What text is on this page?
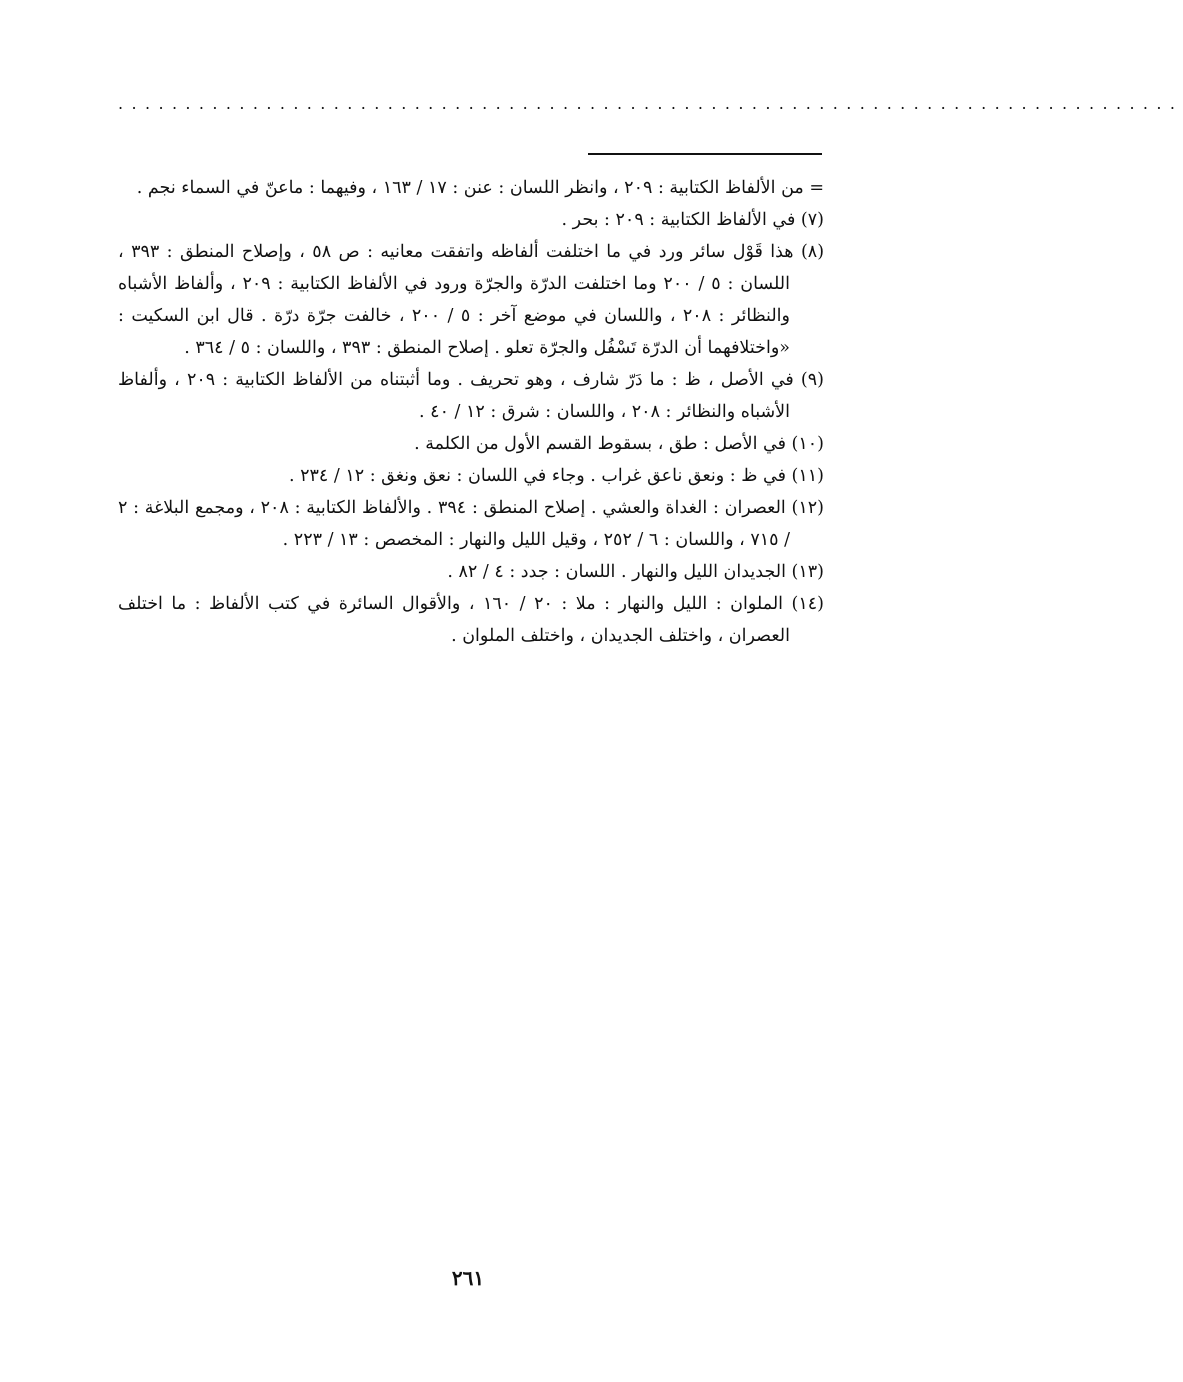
...............................................................................

= من الألفاظ الكتابية : ٢٠٩ ، وانظر اللسان : عنن : ١٧ / ١٦٣ ، وفيهما : ماعنّ في السماء نجم .

(٧) في الألفاظ الكتابية : ٢٠٩ : بحر .

(٨) هذا قَوْل سائر ورد في ما اختلفت ألفاظه واتفقت معانيه : ص ٥٨ ، وإصلاح المنطق : ٣٩٣ ، اللسان : ٥ / ٢٠٠ وما اختلفت الدرّة والجرّة ورود في الألفاظ الكتابية : ٢٠٩ ، وألفاظ الأشباه والنظائر : ٢٠٨ ، واللسان في موضع آخر : ٥ / ٢٠٠ ، خالفت جرّة درّة . قال ابن السكيت : «واختلافهما أن الدرّة تَسْفُل والجرّة تعلو . إصلاح المنطق : ٣٩٣ ، واللسان : ٥ / ٣٦٤ .

(٩) في الأصل ، ظ : ما دَرّ شارف ، وهو تحريف . وما أثبتناه من الألفاظ الكتابية : ٢٠٩ ، وألفاظ الأشباه والنظائر : ٢٠٨ ، واللسان : شرق : ١٢ / ٤٠ .

(١٠) في الأصل : طق ، بسقوط القسم الأول من الكلمة .

(١١) في ظ : ونعق ناعق غراب . وجاء في اللسان : نعق ونغق : ١٢ / ٢٣٤ .

(١٢) العصران : الغداة والعشي . إصلاح المنطق : ٣٩٤ . والألفاظ الكتابية : ٢٠٨ ، ومجمع البلاغة : ٢ / ٧١٥ ، واللسان : ٦ / ٢٥٢ ، وقيل الليل والنهار : المخصص : ١٣ / ٢٢٣ .

(١٣) الجديدان الليل والنهار . اللسان : جدد : ٤ / ٨٢ .

(١٤) الملوان : الليل والنهار : ملا : ٢٠ / ١٦٠ ، والأقوال السائرة في كتب الألفاظ : ما اختلف العصران ، واختلف الجديدان ، واختلف الملوان .

٢٦١
